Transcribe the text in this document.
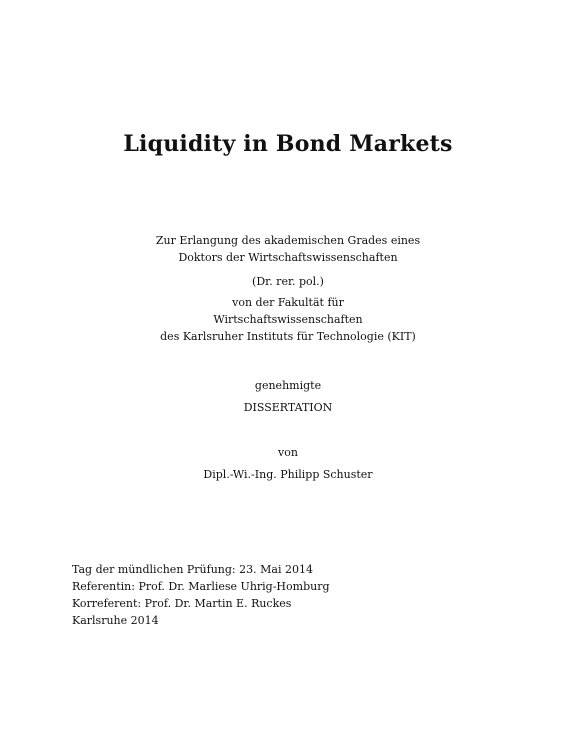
Liquidity in Bond Markets
Zur Erlangung des akademischen Grades eines
Doktors der Wirtschaftswissenschaften
(Dr. rer. pol.)
von der Fakultät für
Wirtschaftswissenschaften
des Karlsruher Instituts für Technologie (KIT)
genehmigte
DISSERTATION
von
Dipl.-Wi.-Ing. Philipp Schuster
Tag der mündlichen Prüfung: 23. Mai 2014
Referentin: Prof. Dr. Marliese Uhrig-Homburg
Korreferent: Prof. Dr. Martin E. Ruckes
Karlsruhe 2014
